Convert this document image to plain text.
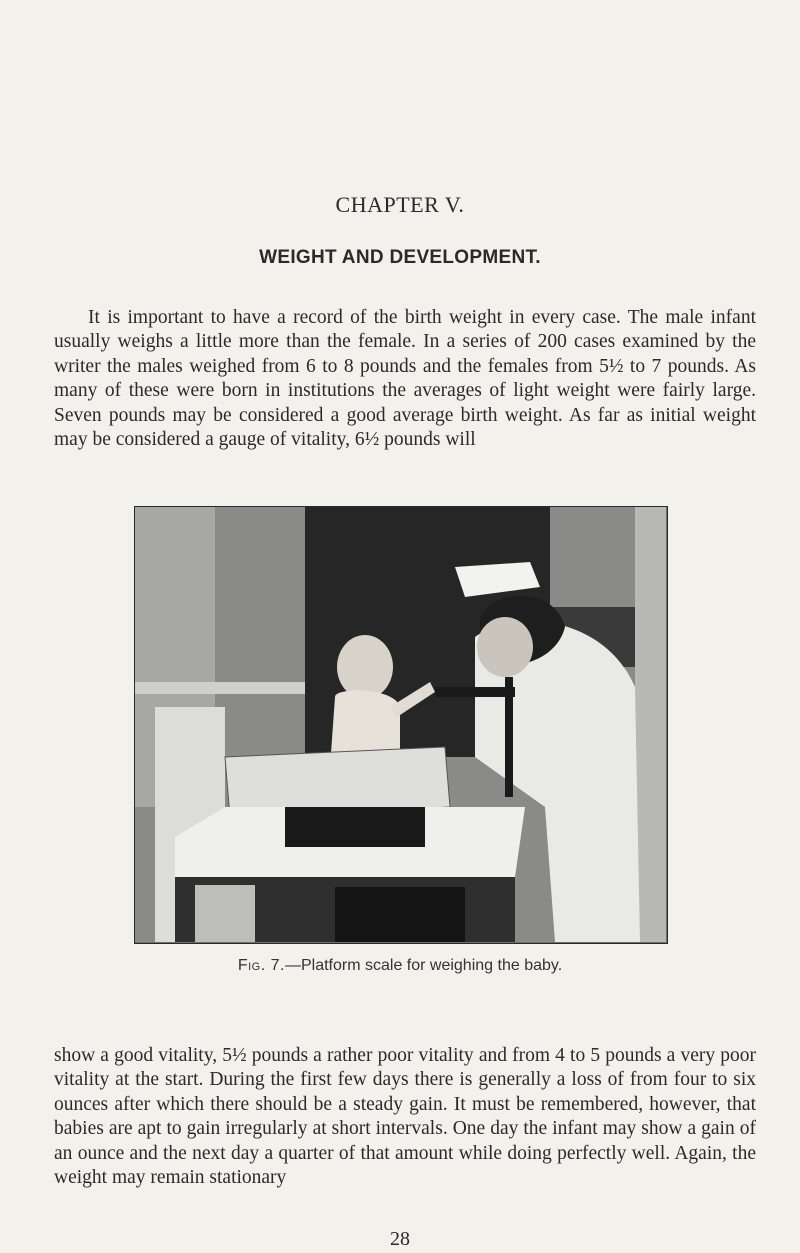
CHAPTER V.
WEIGHT AND DEVELOPMENT.

It is important to have a record of the birth weight in every case. The male infant usually weighs a little more than the female. In a series of 200 cases examined by the writer the males weighed from 6 to 8 pounds and the females from 5½ to 7 pounds. As many of these were born in institutions the averages of light weight were fairly large. Seven pounds may be considered a good average birth weight. As far as initial weight may be considered a gauge of vitality, 6½ pounds will

Fig. 7.—Platform scale for weighing the baby.

show a good vitality, 5½ pounds a rather poor vitality and from 4 to 5 pounds a very poor vitality at the start. During the first few days there is generally a loss of from four to six ounces after which there should be a steady gain. It must be remembered, however, that babies are apt to gain irregularly at short intervals. One day the infant may show a gain of an ounce and the next day a quarter of that amount while doing perfectly well. Again, the weight may remain stationary

28
